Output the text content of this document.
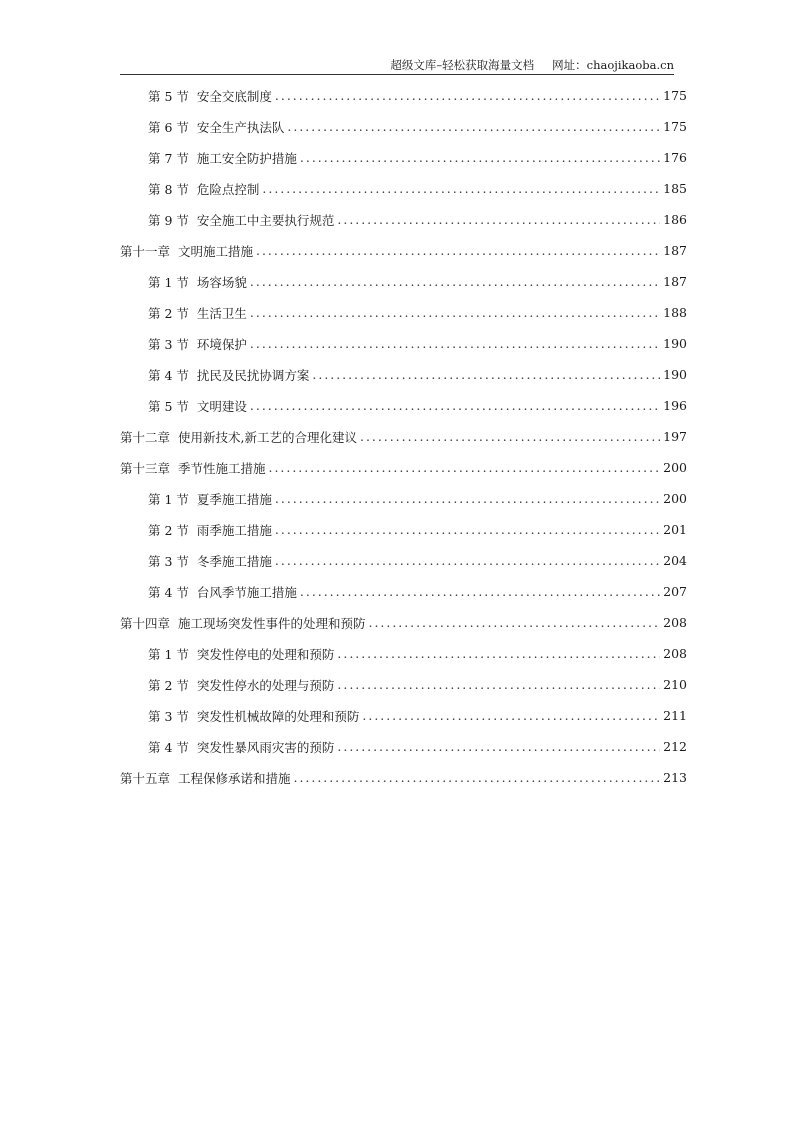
超级文库–轻松获取海量文档 网址：chaojikaoba.cn
第 5 节 安全交底制度 . . .	175
第 6 节 安全生产执法队 . . .	175
第 7 节 施工安全防护措施 . . .	176
第 8 节 危险点控制 . . .	185
第 9 节 安全施工中主要执行规范 . . .	186
第十一章 文明施工措施 . . .	187
第 1 节 场容场貌 . . .	187
第 2 节 生活卫生 . . .	188
第 3 节 环境保护 . . .	190
第 4 节 扰民及民扰协调方案 . . .	190
第 5 节 文明建设 . . .	196
第十二章 使用新技术,新工艺的合理化建议 . . .	197
第十三章 季节性施工措施 . . .	200
第 1 节 夏季施工措施 . . .	200
第 2 节 雨季施工措施 . . .	201
第 3 节 冬季施工措施 . . .	204
第 4 节 台风季节施工措施 . . .	207
第十四章 施工现场突发性事件的处理和预防 . . .	208
第 1 节 突发性停电的处理和预防 . . .	208
第 2 节 突发性停水的处理与预防 . . .	210
第 3 节 突发性机械故障的处理和预防 . . .	211
第 4 节 突发性暴风雨灾害的预防 . . .	212
第十五章 工程保修承诺和措施 . . .	213
